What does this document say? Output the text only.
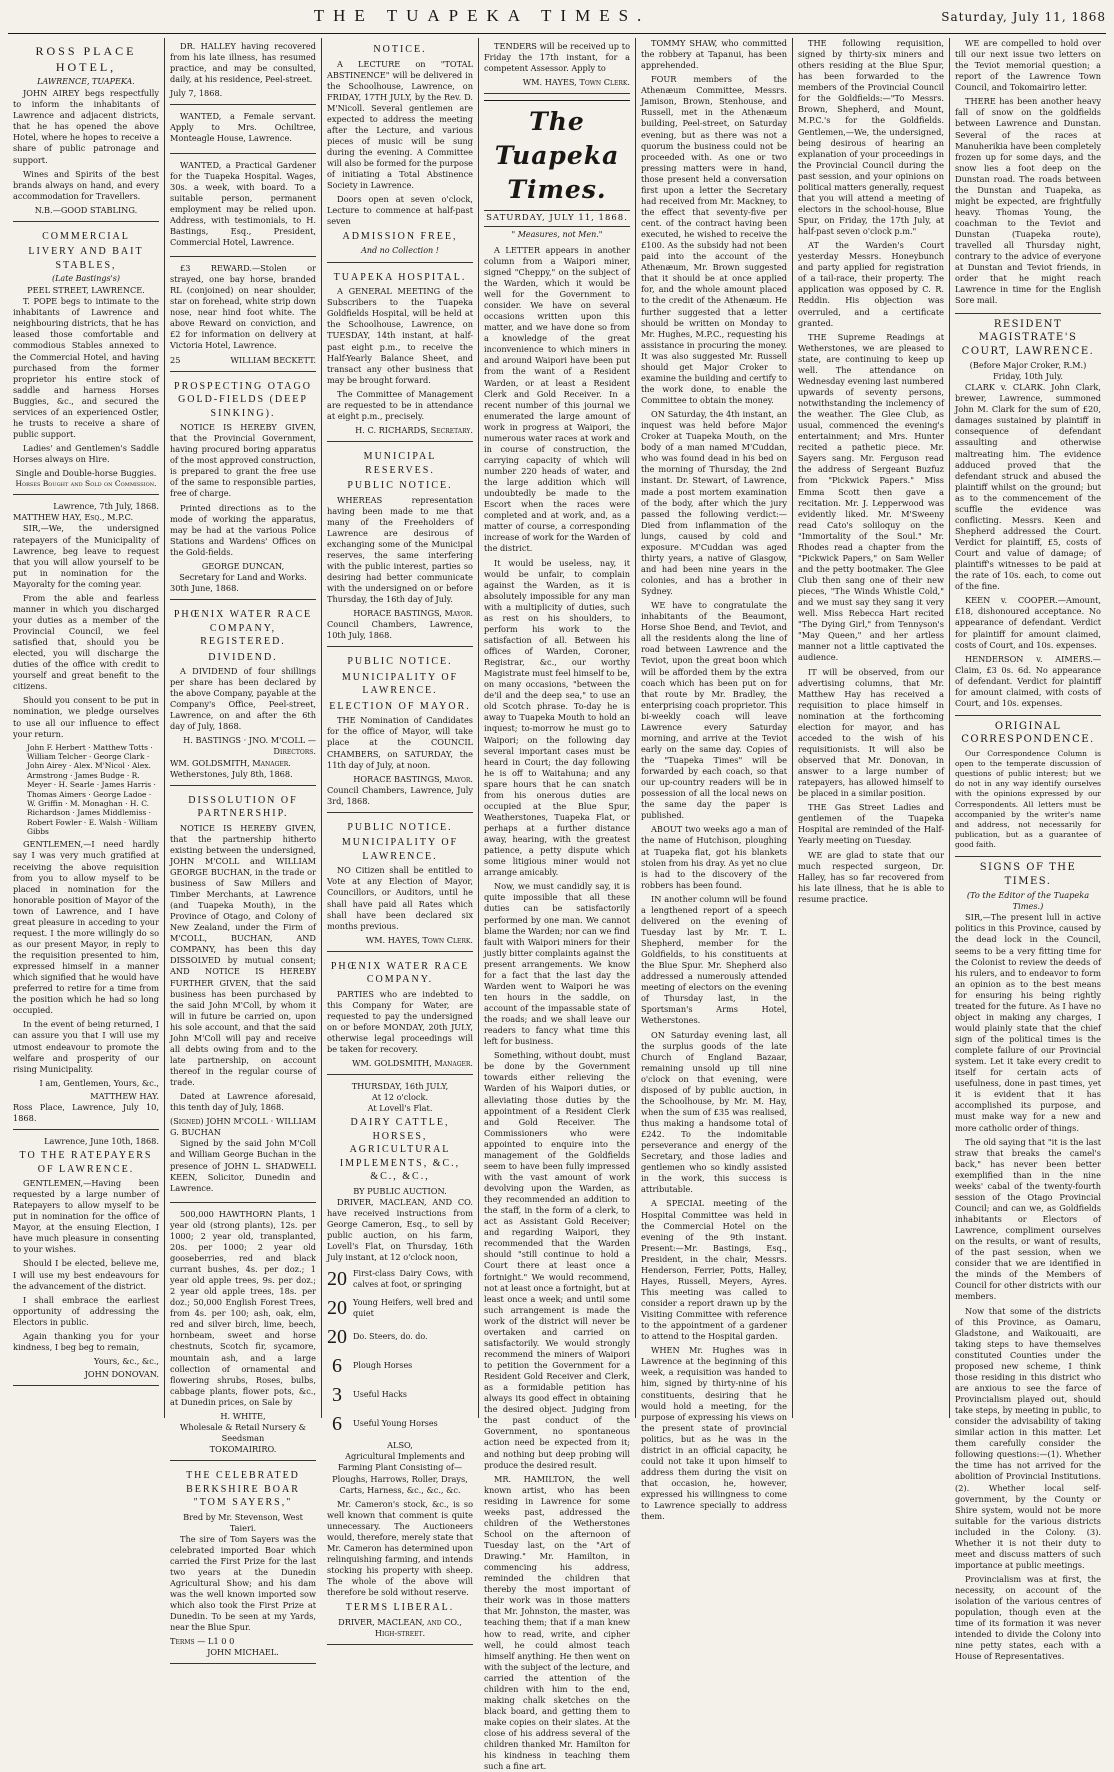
THE TUAPEKA TIMES.	Saturday, July 11, 1868
ROSS PLACE HOTEL,
LAWRENCE, TUAPEKA.

JOHN AIREY begs respectfully to inform the inhabitants of Lawrence and adjacent districts, that he has opened the above Hotel, where he hopes to receive a share of public patronage and support.

Wines and Spirits of the best brands always on hand, and every accommodation for Travellers.

N.B.—GOOD STABLING.
COMMERCIAL
LIVERY AND BAIT STABLES,
(Late Bastings's)
PEEL STREET, LAWRENCE.

T. POPE begs to intimate to the inhabitants of Lawrence and neighbouring districts, that he has leased those comfortable and commodious Stables annexed to the Commercial Hotel, and having purchased from the former proprietor his entire stock of saddle and harness Horses Buggies, &c., and secured the services of an experienced Ostler, he trusts to receive a share of public support.

Ladies' and Gentlemen's Saddle Horses always on Hire.

Single and Double-horse Buggies.
Horses Bought and Sold on Commission.
Lawrence, 7th July, 1868.
MATTHEW HAY, Esq., M.P.C.

SIR,—We, the undersigned ratepayers of the Municipality of Lawrence, beg leave to request that you will allow yourself to be put in nomination for the Mayoralty for the coming year.

From the able and fearless manner in which you discharged your duties as a member of the Provincial Council, we feel satisfied that, should you be elected, you will discharge the duties of the office with credit to yourself and great benefit to the citizens.

Should you consent to be put in nomination, we pledge ourselves to use all our influence to effect your return.

John F. Herbert · Matthew Totts · William Telcher · George Clark · John Airey · Alex. M'Nicol · Alex. Armstrong · James Budge · R. Meyer · H. Searle · James Harris · Thomas Aimers · George Ladoe · W. Griffin · M. Monaghan · H. C. Richardson · James Middlemiss · Robert Fowler · E. Walsh · William Gibbs

GENTLEMEN,—I need hardly say I was very much gratified at receiving the above requisition from you to allow myself to be placed in nomination for the honorable position of Mayor of the town of Lawrence, and I have great pleasure in acceding to your request. I the more willingly do so as our present Mayor, in reply to the requisition presented to him, expressed himself in a manner which signified that he would have preferred to retire for a time from the position which he had so long occupied.

In the event of being returned, I can assure you that I will use my utmost endeavour to promote the welfare and prosperity of our rising Municipality.

I am, Gentlemen, Yours, &c.,
MATTHEW HAY.
Ross Place, Lawrence, July 10, 1868.
Lawrence, June 10th, 1868.
TO THE RATEPAYERS OF LAWRENCE.

GENTLEMEN,—Having been requested by a large number of Ratepayers to allow myself to be put in nomination for the office of Mayor, at the ensuing Election, I have much pleasure in consenting to your wishes.

Should I be elected, believe me, I will use my best endeavours for the advancement of the district.

I shall embrace the earliest opportunity of addressing the Electors in public.

Again thanking you for your kindness, I beg beg to remain,

Yours, &c., &c.,
JOHN DONOVAN.

DR. HALLEY having recovered from his late illness, has resumed practice, and may be consulted, daily, at his residence, Peel-street.

July 7, 1868.

WANTED, a Female servant. Apply to Mrs. Ochiltree, Monteagle House, Lawrence.

WANTED, a Practical Gardener for the Tuapeka Hospital. Wages, 30s. a week, with board. To a suitable person, permanent employment may be relied upon. Address, with testimonials, to H. Bastings, Esq., President, Commercial Hotel, Lawrence.

£3 REWARD.—Stolen or strayed, one bay horse, branded RL (conjoined) on near shoulder, star on forehead, white strip down nose, near hind foot white. The above Reward on conviction, and £2 for information on delivery at Victoria Hotel, Lawrence.

25	WILLIAM BECKETT.
PROSPECTING OTAGO GOLD-FIELDS (DEEP SINKING).

NOTICE IS HEREBY GIVEN, that the Provincial Government, having procured boring apparatus of the most approved construction, is prepared to grant the free use of the same to responsible parties, free of charge.

Printed directions as to the mode of working the apparatus, may be had at the various Police Stations and Wardens' Offices on the Gold-fields.

GEORGE DUNCAN,
Secretary for Land and Works.
30th June, 1868.
PHŒNIX WATER RACE COMPANY, REGISTERED.
DIVIDEND.

A DIVIDEND of four shillings per share has been declared by the above Company, payable at the Company's Office, Peel-street, Lawrence, on and after the 6th day of July, 1868.

H. BASTINGS · JNO. M'COLL — Directors.
WM. GOLDSMITH, Manager.
Wetherstones, July 8th, 1868.
DISSOLUTION OF PARTNERSHIP.

NOTICE IS HEREBY GIVEN, that the partnership hitherto existing between the undersigned, JOHN M'COLL and WILLIAM GEORGE BUCHAN, in the trade or business of Saw Millers and Timber Merchants, at Lawrence (and Tuapeka Mouth), in the Province of Otago, and Colony of New Zealand, under the Firm of M'COLL, BUCHAN, AND COMPANY, has been this day DISSOLVED by mutual consent; AND NOTICE IS HEREBY FURTHER GIVEN, that the said business has been purchased by the said John M'Coll, by whom it will in future be carried on, upon his sole account, and that the said John M'Coll will pay and receive all debts owing from and to the late partnership, on account thereof in the regular course of trade.

Dated at Lawrence aforesaid, this tenth day of July, 1868.

(Signed) JOHN M'COLL · WILLIAM G. BUCHAN

Signed by the said John M'Coll and William George Buchan in the presence of JOHN L. SHADWELL KEEN, Solicitor, Dunedin and Lawrence.

500,000 HAWTHORN Plants, 1 year old (strong plants), 12s. per 1000; 2 year old, transplanted, 20s. per 1000; 2 year old gooseberries, red and black currant bushes, 4s. per doz.; 1 year old apple trees, 9s. per doz.; 2 year old apple trees, 18s. per doz.; 50,000 English Forest Trees, from 4s. per 100; ash, oak, elm, red and silver birch, lime, beech, hornbeam, sweet and horse chestnuts, Scotch fir, sycamore, mountain ash, and a large collection of ornamental and flowering shrubs, Roses, bulbs, cabbage plants, flower pots, &c., at Dunedin prices, on Sale by

H. WHITE,
Wholesale & Retail Nursery & Seedsman
TOKOMAIRIRO.
THE CELEBRATED BERKSHIRE BOAR "TOM SAYERS,"
Bred by Mr. Stevenson, West Taieri.

The sire of Tom Sayers was the celebrated imported Boar which carried the First Prize for the last two years at the Dunedin Agricultural Show; and his dam was the well known imported sow which also took the First Prize at Dunedin. To be seen at my Yards, near the Blue Spur.

Terms — L1 0 0
JOHN MICHAEL.
NOTICE.

A LECTURE on "TOTAL ABSTINENCE" will be delivered in the Schoolhouse, Lawrence, on FRIDAY, 17TH JULY, by the Rev. D. M'Nicoll. Several gentlemen are expected to address the meeting after the Lecture, and various pieces of music will be sung during the evening. A Committee will also be formed for the purpose of initiating a Total Abstinence Society in Lawrence.

Doors open at seven o'clock, Lecture to commence at half-past seven

ADMISSION FREE,
And no Collection !
TUAPEKA HOSPITAL.

A GENERAL MEETING of the Subscribers to the Tuapeka Goldfields Hospital, will be held at the Schoolhouse, Lawrence, on TUESDAY, 14th instant, at half-past eight p.m., to receive the Half-Yearly Balance Sheet, and transact any other business that may be brought forward.

The Committee of Management are requested to be in attendance at eight p.m., precisely.

H. C. RICHARDS, Secretary.
MUNICIPAL RESERVES.
PUBLIC NOTICE.

WHEREAS representation having been made to me that many of the Freeholders of Lawrence are desirous of exchanging some of the Municipal reserves, the same interfering with the public interest, parties so desiring had better communicate with the undersigned on or before Thursday, the 16th day of July.

HORACE BASTINGS, Mayor.
Council Chambers, Lawrence, 10th July, 1868.
PUBLIC NOTICE.
MUNICIPALITY OF LAWRENCE.
ELECTION OF MAYOR.

THE Nomination of Candidates for the office of Mayor, will take place at the COUNCIL CHAMBERS, on SATURDAY, the 11th day of July, at noon.

HORACE BASTINGS, Mayor.
Council Chambers, Lawrence, July 3rd, 1868.
PUBLIC NOTICE.
MUNICIPALITY OF LAWRENCE.

NO Citizen shall be entitled to Vote at any Election of Mayor, Councillors, or Auditors, until he shall have paid all Rates which shall have been declared six months previous.

WM. HAYES, Town Clerk.
PHŒNIX WATER RACE COMPANY.

PARTIES who are indebted to this Company for Water, are requested to pay the undersigned on or before MONDAY, 20th JULY, otherwise legal proceedings will be taken for recovery.

WM. GOLDSMITH, Manager.
THURSDAY, 16th JULY,
At 12 o'clock.
At Lovell's Flat.
DAIRY CATTLE, HORSES, AGRICULTURAL IMPLEMENTS, &C., &C., &C.,
BY PUBLIC AUCTION.

DRIVER, MACLEAN, AND CO. have received instructions from George Cameron, Esq., to sell by public auction, on his farm, Lovell's Flat, on Thursday, 16th July instant, at 12 o'clock noon,

20 First-class Dairy Cows, with calves at foot, or springing
20 Young Heifers, well bred and quiet
20 Do. Steers, do. do.
6	Plough Horses
3	Useful Hacks
6	Useful Young Horses
ALSO,

Agricultural Implements and Farming Plant Consisting of— Ploughs, Harrows, Roller, Drays, Carts, Harness, &c., &c., &c.

Mr. Cameron's stock, &c., is so well known that comment is quite unnecessary. The Auctioneers would, therefore, merely state that Mr. Cameron has determined upon relinquishing farming, and intends stocking his property with sheep. The whole of the above will therefore be sold without reserve.

TERMS LIBERAL.
DRIVER, MACLEAN, and CO., High-street.

TENDERS will be received up to Friday the 17th instant, for a competent Assessor. Apply to

WM. HAYES, Town Clerk.
The Tuapeka Times.
SATURDAY, JULY 11, 1868.
" Measures, not Men."

A LETTER appears in another column from a Waipori miner, signed "Cheppy," on the subject of the Warden, which it would be well for the Government to consider. We have on several occasions written upon this matter, and we have done so from a knowledge of the great inconvenience to which miners in and around Waipori have been put from the want of a Resident Warden, or at least a Resident Clerk and Gold Receiver. In a recent number of this journal we enumerated the large amount of work in progress at Waipori, the numerous water races at work and in course of construction, the carrying capacity of which will number 220 heads of water, and the large addition which will undoubtedly be made to the Escort when the races were completed and at work, and, as a matter of course, a corresponding increase of work for the Warden of the district.

It would be useless, nay, it would be unfair, to complain against the Warden, as it is absolutely impossible for any man with a multiplicity of duties, such as rest on his shoulders, to perform his work to the satisfaction of all. Between his offices of Warden, Coroner, Registrar, &c., our worthy Magistrate must feel himself to be, on many occasions, "between the de'il and the deep sea," to use an old Scotch phrase. To-day he is away to Tuapeka Mouth to hold an inquest; to-morrow he must go to Waipori; on the following day several important cases must be heard in Court; the day following he is off to Waitahuna; and any spare hours that he can snatch from his onerous duties are occupied at the Blue Spur, Weatherstones, Tuapeka Flat, or perhaps at a further distance away, hearing, with the greatest patience, a petty dispute which some litigious miner would not arrange amicably.

Now, we must candidly say, it is quite impossible that all these duties can be satisfactorily performed by one man. We cannot blame the Warden; nor can we find fault with Waipori miners for their justly bitter complaints against the present arrangements. We know for a fact that the last day the Warden went to Waipori he was ten hours in the saddle, on account of the impassable state of the roads; and we shall leave our readers to fancy what time this left for business.

Something, without doubt, must be done by the Government towards either relieving the Warden of his Waipori duties, or alleviating those duties by the appointment of a Resident Clerk and Gold Receiver. The Commissioners who were appointed to enquire into the management of the Goldfields seem to have been fully impressed with the vast amount of work devolving upon the Warden, as they recommended an addition to the staff, in the form of a clerk, to act as Assistant Gold Receiver; and regarding Waipori, they recommended that the Warden should "still continue to hold a Court there at least once a fortnight." We would recommend, not at least once a fortnight, but at least once a week; and until some such arrangement is made the work of the district will never be overtaken and carried on satisfactorily. We would strongly recommend the miners of Waipori to petition the Government for a Resident Gold Receiver and Clerk, as a formidable petition has always its good effect in obtaining the desired object. Judging from the past conduct of the Government, no spontaneous action need be expected from it; and nothing but deep probing will produce the desired result.

MR. HAMILTON, the well known artist, who has been residing in Lawrence for some weeks past, addressed the children of the Wetherstones School on the afternoon of Tuesday last, on the "Art of Drawing." Mr. Hamilton, in commencing his address, reminded the children that thereby the most important of their work was in those matters that Mr. Johnston, the master, was teaching them; that if a man knew how to read, write, and cipher well, he could almost teach himself anything. He then went on with the subject of the lecture, and carried the attention of the children with him to the end, making chalk sketches on the black board, and getting them to make copies on their slates. At the close of his address several of the children thanked Mr. Hamilton for his kindness in teaching them such a fine art.

TOMMY SHAW, who committed the robbery at Tapanui, has been apprehended.

FOUR members of the Athenæum Committee, Messrs. Jamison, Brown, Stenhouse, and Russell, met in the Athenæum building, Peel-street, on Saturday evening, but as there was not a quorum the business could not be proceeded with. As one or two pressing matters were in hand, those present held a conversation first upon a letter the Secretary had received from Mr. Mackney, to the effect that seventy-five per cent. of the contract having been executed, he wished to receive the £100. As the subsidy had not been paid into the account of the Athenæum, Mr. Brown suggested that it should be at once applied for, and the whole amount placed to the credit of the Athenæum. He further suggested that a letter should be written on Monday to Mr. Hughes, M.P.C., requesting his assistance in procuring the money. It was also suggested Mr. Russell should get Major Croker to examine the building and certify to the work done, to enable the Committee to obtain the money.

ON Saturday, the 4th instant, an inquest was held before Major Croker at Tuapeka Mouth, on the body of a man named M'Cuddan, who was found dead in his bed on the morning of Thursday, the 2nd instant. Dr. Stewart, of Lawrence, made a post mortem examination of the body, after which the jury passed the following verdict:—Died from inflammation of the lungs, caused by cold and exposure. M'Cuddan was aged thirty years, a native of Glasgow, and had been nine years in the colonies, and has a brother in Sydney.

WE have to congratulate the inhabitants of the Beaumont, Horse Shoe Bend, and Teviot, and all the residents along the line of road between Lawrence and the Teviot, upon the great boon which will be afforded them by the extra coach which has been put on for that route by Mr. Bradley, the enterprising coach proprietor. This bi-weekly coach will leave Lawrence every Saturday morning, and arrive at the Teviot early on the same day. Copies of the "Tuapeka Times" will be forwarded by each coach, so that our up-country readers will be in possession of all the local news on the same day the paper is published.

ABOUT two weeks ago a man of the name of Hutchison, ploughing at Tuapeka flat, got his blankets stolen from his dray. As yet no clue is had to the discovery of the robbers has been found.

IN another column will be found a lengthened report of a speech delivered on the evening of Tuesday last by Mr. T. L. Shepherd, member for the Goldfields, to his constituents at the Blue Spur. Mr. Shepherd also addressed a numerously attended meeting of electors on the evening of Thursday last, in the Sportsman's Arms Hotel, Wetherstones.

ON Saturday evening last, all the surplus goods of the late Church of England Bazaar, remaining unsold up till nine o'clock on that evening, were disposed of by public auction, in the Schoolhouse, by Mr. M. Hay, when the sum of £35 was realised, thus making a handsome total of £242. To the indomitable perseverance and energy of the Secretary, and those ladies and gentlemen who so kindly assisted in the work, this success is attributable.

A SPECIAL meeting of the Hospital Committee was held in the Commercial Hotel on the evening of the 9th instant. Present:—Mr. Bastings, Esq., President, in the chair, Messrs. Henderson, Ferrier, Potts, Halley, Hayes, Russell, Meyers, Ayres. This meeting was called to consider a report drawn up by the Visiting Committee with reference to the appointment of a gardener to attend to the Hospital garden.

WHEN Mr. Hughes was in Lawrence at the beginning of this week, a requisition was handed to him, signed by thirty-nine of his constituents, desiring that he would hold a meeting, for the purpose of expressing his views on the present state of provincial politics, but as he was in the district in an official capacity, he could not take it upon himself to address them during the visit on that occasion, he, however, expressed his willingness to come to Lawrence specially to address them.

THE following requisition, signed by thirty-six miners and others residing at the Blue Spur, has been forwarded to the members of the Provincial Council for the Goldfields:—"To Messrs. Brown, Shepherd, and Mount, M.P.C.'s for the Goldfields. Gentlemen,—We, the undersigned, being desirous of hearing an explanation of your proceedings in the Provincial Council during the past session, and your opinions on political matters generally, request that you will attend a meeting of electors in the school-house, Blue Spur, on Friday, the 17th July, at half-past seven o'clock p.m."

AT the Warden's Court yesterday Messrs. Honeybunch and party applied for registration of a tail-race, their property. The application was opposed by C. R. Reddin. His objection was overruled, and a certificate granted.

THE Supreme Readings at Wetherstones, we are pleased to state, are continuing to keep up well. The attendance on Wednesday evening last numbered upwards of seventy persons, notwithstanding the inclemency of the weather. The Glee Club, as usual, commenced the evening's entertainment; and Mrs. Hunter recited a pathetic piece. Mr. Sayers sang. Mr. Ferguson read the address of Sergeant Buzfuz from "Pickwick Papers." Miss Emma Scott then gave a recitation. Mr. J. Lepperwood was evidently liked. Mr. M'Sweeny read Cato's soliloquy on the "Immortality of the Soul." Mr. Rhodes read a chapter from the "Pickwick Papers," on Sam Weller and the petty bootmaker. The Glee Club then sang one of their new pieces, "The Winds Whistle Cold," and we must say they sang it very well. Miss Rebecca Hart recited "The Dying Girl," from Tennyson's "May Queen," and her artless manner not a little captivated the audience.

IT will be observed, from our advertising columns, that Mr. Matthew Hay has received a requisition to place himself in nomination at the forthcoming election for mayor, and has acceded to the wish of his requisitionists. It will also be observed that Mr. Donovan, in answer to a large number of ratepayers, has allowed himself to be placed in a similar position.

THE Gas Street Ladies and gentlemen of the Tuapeka Hospital are reminded of the Half-Yearly meeting on Tuesday.

WE are glad to state that our much respected surgeon, Dr. Halley, has so far recovered from his late illness, that he is able to resume practice.

WE are compelled to hold over till our next issue two letters on the Teviot memorial question; a report of the Lawrence Town Council, and Tokomairiro letter.

THERE has been another heavy fall of snow on the goldfields between Lawrence and Dunstan. Several of the races at Manuherikia have been completely frozen up for some days, and the snow lies a foot deep on the Dunstan road. The roads between the Dunstan and Tuapeka, as might be expected, are frightfully heavy. Thomas Young, the coachman to the Teviot and Dunstan (Tuapeka route), travelled all Thursday night, contrary to the advice of everyone at Dunstan and Teviot friends, in order that he might reach Lawrence in time for the English Sore mail.

RESIDENT MAGISTRATE'S COURT, LAWRENCE.
(Before Major Croker, R.M.)
Friday, 10th July.

CLARK v. CLARK. John Clark, brewer, Lawrence, summoned John M. Clark for the sum of £20, damages sustained by plaintiff in consequence of defendant assaulting and otherwise maltreating him. The evidence adduced proved that the defendant struck and abused the plaintiff whilst on the ground; but as to the commencement of the scuffle the evidence was conflicting. Messrs. Keen and Shepherd addressed the Court. Verdict for plaintiff, £5, costs of Court and value of damage; of plaintiff's witnesses to be paid at the rate of 10s. each, to come out of the fine.

KEEN v. COOPER.—Amount, £18, dishonoured acceptance. No appearance of defendant. Verdict for plaintiff for amount claimed, costs of Court, and 10s. expenses.

HENDERSON v. AIMERS.—Claim, £3 0s. 6d. No appearance of defendant. Verdict for plaintiff for amount claimed, with costs of Court, and 10s. expenses.

ORIGINAL CORRESPONDENCE.

Our Correspondence Column is open to the temperate discussion of questions of public interest; but we do not in any way identify ourselves with the opinions expressed by our Correspondents. All letters must be accompanied by the writer's name and address, not necessarily for publication, but as a guarantee of good faith.

SIGNS OF THE TIMES.
(To the Editor of the Tuapeka Times.)

SIR,—The present lull in active politics in this Province, caused by the dead lock in the Council, seems to be a very fitting time for the Colonist to review the deeds of his rulers, and to endeavor to form an opinion as to the best means for ensuring his being rightly treated for the future. As I have no object in making any charges, I would plainly state that the chief sign of the political times is the complete failure of our Provincial system. Let it take every credit to itself for certain acts of usefulness, done in past times, yet it is evident that it has accomplished its purpose, and must make way for a new and more catholic order of things.

The old saying that "it is the last straw that breaks the camel's back," has never been better exemplified than in the nine weeks' cabal of the twenty-fourth session of the Otago Provincial Council; and can we, as Goldfields inhabitants or Electors of Lawrence, compliment ourselves on the results, or want of results, of the past session, when we consider that we are identified in the minds of the Members of Council for other districts with our members.

Now that some of the districts of this Province, as Oamaru, Gladstone, and Waikouaiti, are taking steps to have themselves constituted Counties under the proposed new scheme, I think those residing in this district who are anxious to see the farce of Provincialism played out, should take steps, by meeting in public, to consider the advisability of taking similar action in this matter. Let them carefully consider the following questions:—(1). Whether the time has not arrived for the abolition of Provincial Institutions. (2). Whether local self-government, by the County or Shire system, would not be more suitable for the various districts included in the Colony. (3). Whether it is not their duty to meet and discuss matters of such importance at public meetings.

Provincialism was at first, the necessity, on account of the isolation of the various centres of population, though even at the time of its formation it was never intended to divide the Colony into nine petty states, each with a House of Representatives.
